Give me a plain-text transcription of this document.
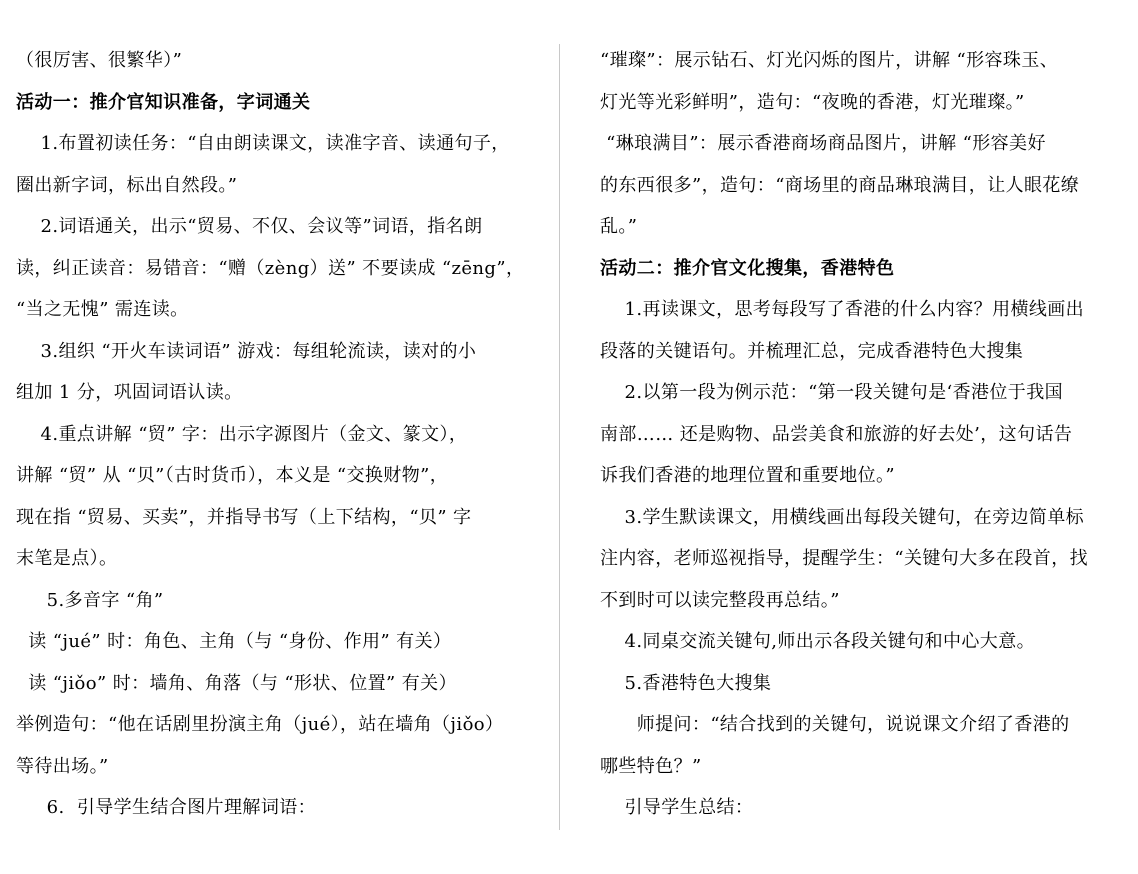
（很厉害、很繁华）”
活动一：推介官知识准备，字词通关
1.布置初读任务：“自由朗读课文，读准字音、读通句子，
圈出新字词，标出自然段。”
2.词语通关，出示“贸易、不仅、会议等”词语，指名朗
读，纠正读音：易错音：“赠（zèng）送” 不要读成 “zēng”，
“当之无愧” 需连读。
3.组织 “开火车读词语” 游戏：每组轮流读，读对的小
组加 1 分，巩固词语认读。
4.重点讲解 “贸” 字：出示字源图片（金文、篆文），
讲解 “贸” 从 “贝”（古时货币），本义是 “交换财物”，
现在指 “贸易、买卖”，并指导书写（上下结构，“贝” 字
末笔是点）。
5.多音字 “角”
读 “jué” 时：角色、主角（与 “身份、作用” 有关）
读 “jiǒo” 时：墙角、角落（与 “形状、位置” 有关）
举例造句：“他在话剧里扮演主角（jué），站在墙角（jiǒo）
等待出场。”
6.  引导学生结合图片理解词语：
“璀璨”：展示钻石、灯光闪烁的图片，讲解 “形容珠玉、
灯光等光彩鲜明”，造句：“夜晚的香港，灯光璀璨。”
“琳琅满目”：展示香港商场商品图片，讲解 “形容美好
的东西很多”，造句：“商场里的商品琳琅满目，让人眼花缭
乱。”
活动二：推介官文化搜集，香港特色
1.再读课文，思考每段写了香港的什么内容？用横线画出
段落的关键语句。并梳理汇总，完成香港特色大搜集
2.以第一段为例示范：“第一段关键句是‘香港位于我国
南部…… 还是购物、品尝美食和旅游的好去处’，这句话告
诉我们香港的地理位置和重要地位。”
3.学生默读课文，用横线画出每段关键句，在旁边简单标
注内容，老师巡视指导，提醒学生：“关键句大多在段首，找
不到时可以读完整段再总结。”
4.同桌交流关键句,师出示各段关键句和中心大意。
5.香港特色大搜集
师提问：“结合找到的关键句，说说课文介绍了香港的
哪些特色？”
引导学生总结：
